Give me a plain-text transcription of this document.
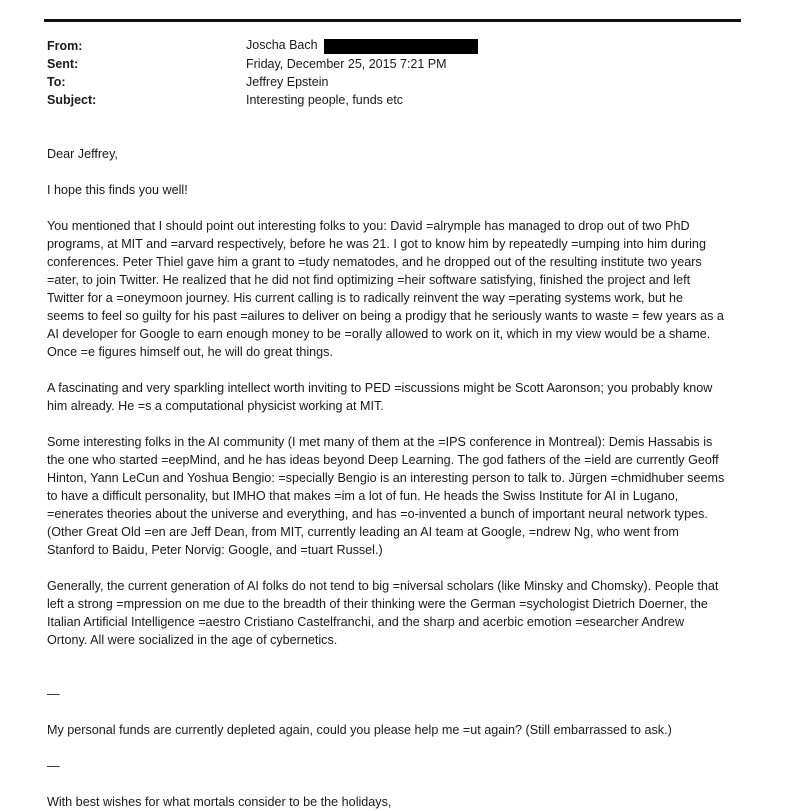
From:	Joscha Bach
Sent:	Friday, December 25, 2015 7:21 PM
To:	Jeffrey Epstein
Subject:	Interesting people, funds etc

Dear Jeffrey,

I hope this finds you well!

You mentioned that I should point out interesting folks to you: David =alrymple has managed to drop out of two PhD

programs, at MIT and =arvard respectively, before he was 21. I got to know him by repeatedly =umping into him during

conferences. Peter Thiel gave him a grant to =tudy nematodes, and he dropped out of the resulting institute two years

=ater, to join Twitter. He realized that he did not find optimizing =heir software satisfying, finished the project and left

Twitter for a =oneymoon journey. His current calling is to radically reinvent the way =perating systems work, but he

seems to feel so guilty for his past =ailures to deliver on being a prodigy that he seriously wants to waste = few years as a

AI developer for Google to earn enough money to be =orally allowed to work on it, which in my view would be a shame.

Once =e figures himself out, he will do great things.

A fascinating and very sparkling intellect worth inviting to PED =iscussions might be Scott Aaronson; you probably know

him already. He =s a computational physicist working at MIT.

Some interesting folks in the AI community (I met many of them at the =IPS conference in Montreal): Demis Hassabis is

the one who started =eepMind, and he has ideas beyond Deep Learning. The god fathers of the =ield are currently Geoff

Hinton, Yann LeCun and Yoshua Bengio: =specially Bengio is an interesting person to talk to. Jürgen =chmidhuber seems

to have a difficult personality, but IMHO that makes =im a lot of fun. He heads the Swiss Institute for AI in Lugano,

=enerates theories about the universe and everything, and has =o-invented a bunch of important neural network types.

(Other Great Old =en are Jeff Dean, from MIT, currently leading an AI team at Google, =ndrew Ng, who went from

Stanford to Baidu, Peter Norvig: Google, and =tuart Russel.)

Generally, the current generation of AI folks do not tend to big =niversal scholars (like Minsky and Chomsky). People that

left a strong =mpression on me due to the breadth of their thinking were the German =sychologist Dietrich Doerner, the

Italian Artificial Intelligence =aestro Cristiano Castelfranchi, and the sharp and acerbic emotion =esearcher Andrew

Ortony. All were socialized in the age of cybernetics.

—

My personal funds are currently depleted again, could you please help me =ut again? (Still embarrassed to ask.)

—

With best wishes for what mortals consider to be the holidays,
